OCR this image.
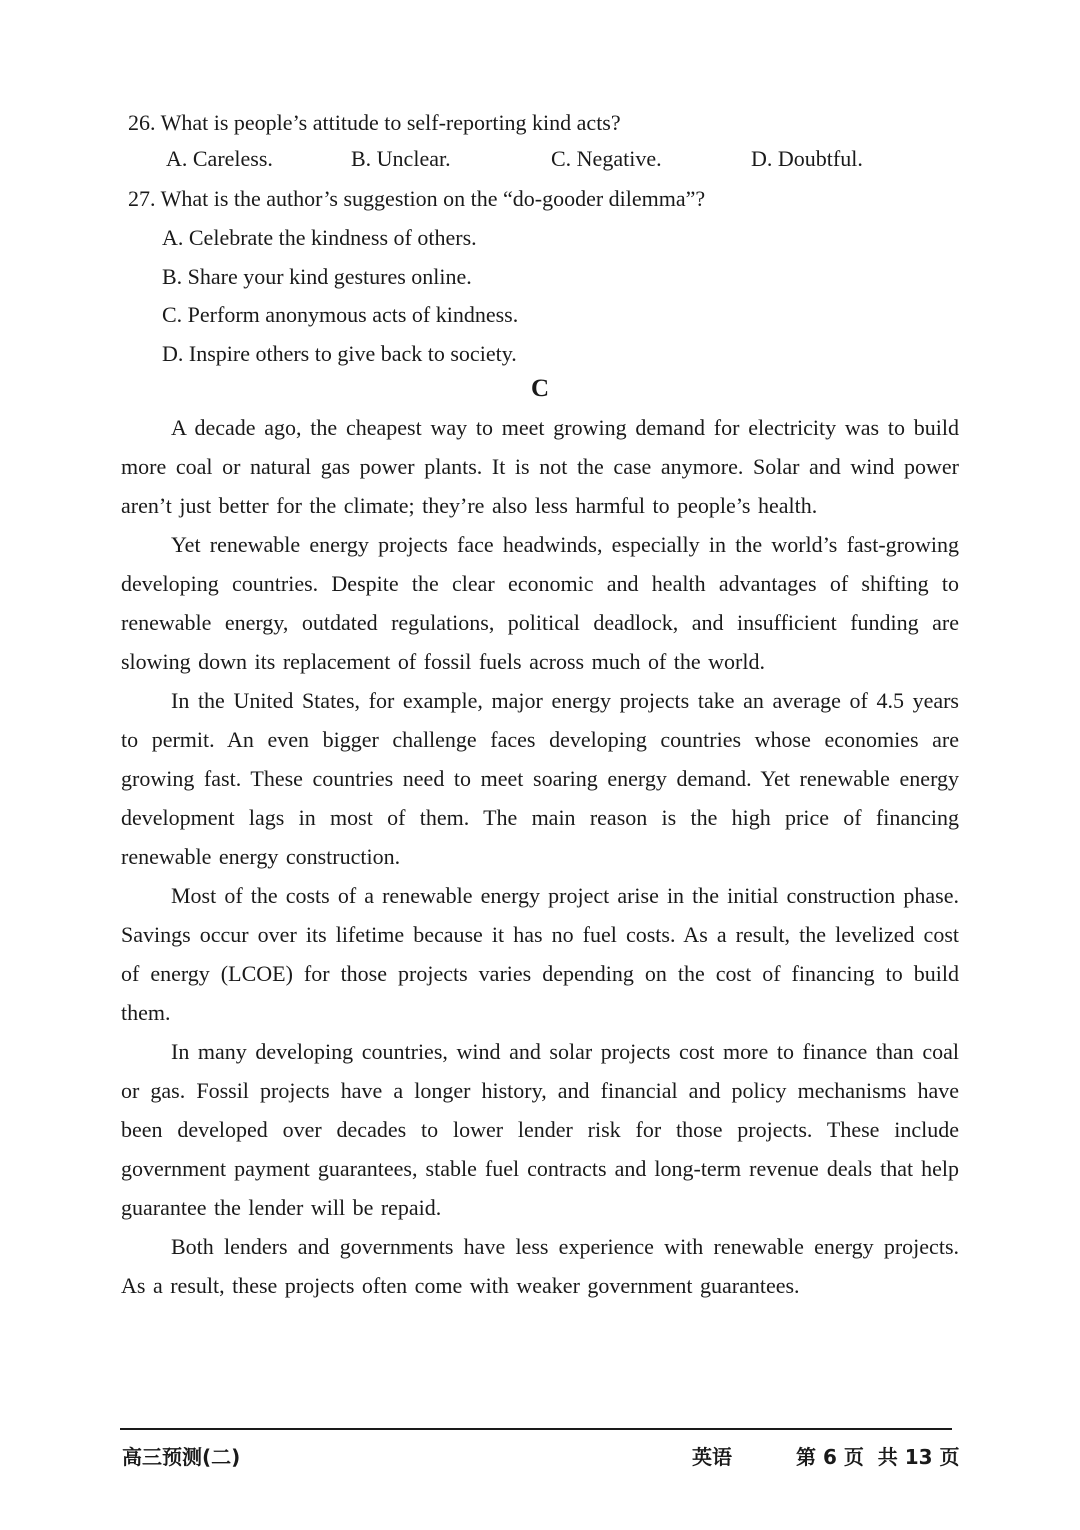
26. What is people’s attitude to self-reporting kind acts?
A. Careless.	B. Unclear.	C. Negative.	D. Doubtful.
27. What is the author’s suggestion on the “do-gooder dilemma”?
A. Celebrate the kindness of others.
B. Share your kind gestures online.
C. Perform anonymous acts of kindness.
D. Inspire others to give back to society.
C

A decade ago, the cheapest way to meet growing demand for electricity was to build more coal or natural gas power plants. It is not the case anymore. Solar and wind power aren’t just better for the climate; they’re also less harmful to people’s health.

Yet renewable energy projects face headwinds, especially in the world’s fast-growing developing countries. Despite the clear economic and health advantages of shifting to renewable energy, outdated regulations, political deadlock, and insufficient funding are slowing down its replacement of fossil fuels across much of the world.

In the United States, for example, major energy projects take an average of 4.5 years to permit. An even bigger challenge faces developing countries whose economies are growing fast. These countries need to meet soaring energy demand. Yet renewable energy development lags in most of them. The main reason is the high price of financing renewable energy construction.

Most of the costs of a renewable energy project arise in the initial construction phase. Savings occur over its lifetime because it has no fuel costs. As a result, the levelized cost of energy (LCOE) for those projects varies depending on the cost of financing to build them.

In many developing countries, wind and solar projects cost more to finance than coal or gas. Fossil projects have a longer history, and financial and policy mechanisms have been developed over decades to lower lender risk for those projects. These include government payment guarantees, stable fuel contracts and long-term revenue deals that help guarantee the lender will be repaid.

Both lenders and governments have less experience with renewable energy projects. As a result, these projects often come with weaker government guarantees.

高三预测(二)	英语	第 6 页  共 13 页
